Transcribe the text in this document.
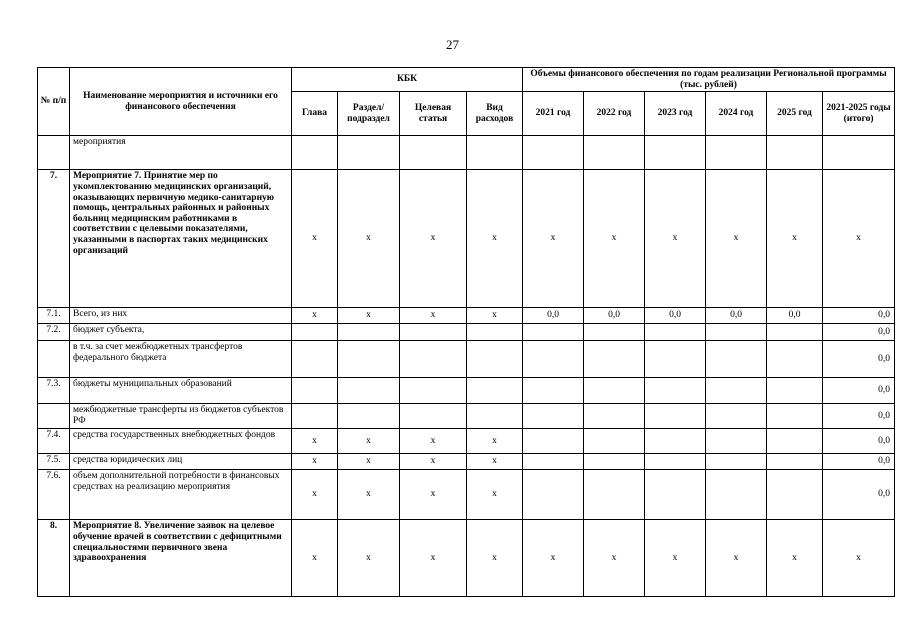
27
№ п/п	Наименование мероприятия и источники его финансового обеспечения	КБК				Объемы финансового обеспечения по годам реализации Региональной программы (тыс. рублей)					
		Глава	Раздел/ подраздел	Целевая статья	Вид расходов	2021 год	2022 год	2023 год	2024 год	2025 год	2021-2025 годы (итого)
	мероприятия										
7.	Мероприятие 7. Принятие мер по укомплектованию медицинских организаций, оказывающих первичную медико-санитарную помощь, центральных районных и районных больниц медицинским работниками в соответствии с целевыми показателями, указанными в паспортах таких медицинских организаций	x	x	x	x	x	x	x	x	x	x
7.1.	Всего, из них	x	x	x	x	0,0	0,0	0,0	0,0	0,0	0,0
7.2.	бюджет субъекта,										0,0
	в т.ч. за счет межбюджетных трансфертов федерального бюджета										0,0
7.3.	бюджеты муниципальных образований										0,0
	межбюджетные трансферты из бюджетов субъектов РФ										0,0
7.4.	средства государственных внебюджетных фондов	x	x	x	x						0,0
7.5.	средства юридических лиц	x	x	x	x						0,0
7.6.	объем дополнительной потребности в финансовых средствах на реализацию мероприятия	x	x	x	x						0,0
8.	Мероприятие 8. Увеличение заявок на целевое обучение врачей в соответствии с дефицитными специальностями первичного звена здравоохранения	x	x	x	x	x	x	x	x	x	x
